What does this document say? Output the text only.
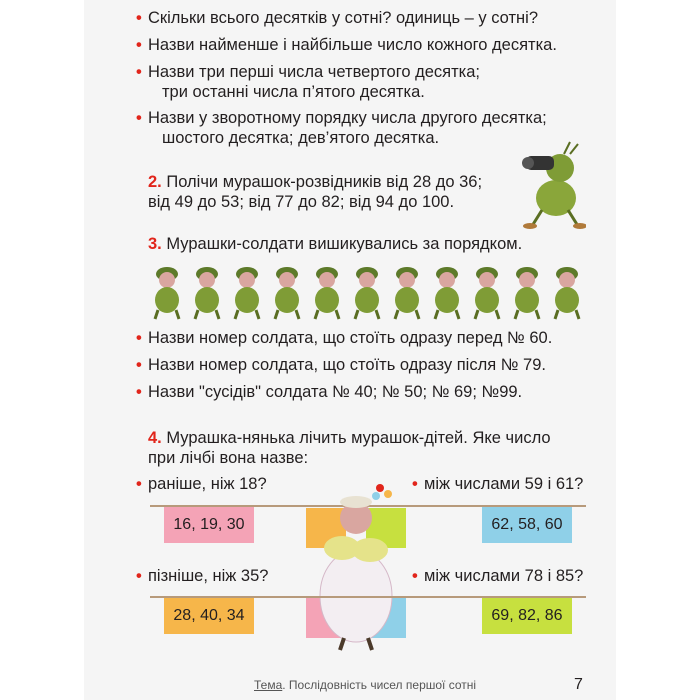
• Скільки всього десятків у сотні? одиниць – у сотні?
• Назви найменше і найбільше число кожного десятка.
• Назви три перші числа четвертого десятка;
три останні числа п’ятого десятка.
• Назви у зворотному порядку числа другого десятка;
шостого десятка; дев’ятого десятка.
2. Полічи мурашок-розвідників від 28 до 36;
від 49 до 53; від 77 до 82; від 94 до 100.
3. Мурашки-солдати вишикувались за порядком.
• Назви номер солдата, що стоїть одразу перед № 60.
• Назви номер солдата, що стоїть одразу після № 79.
• Назви "сусідів" солдата № 40; № 50; № 69; №99.
4. Мурашка-нянька лічить мурашок-дітей. Яке число
при лічбі вона назве:
• раніше, ніж 18?	• між числами 59 і 61?
16, 19, 30	62, 58, 60
• пізніше, ніж 35?	• між числами 78 і 85?
28, 40, 34	69, 82, 86
Тема. Послідовність чисел першої сотні	7
